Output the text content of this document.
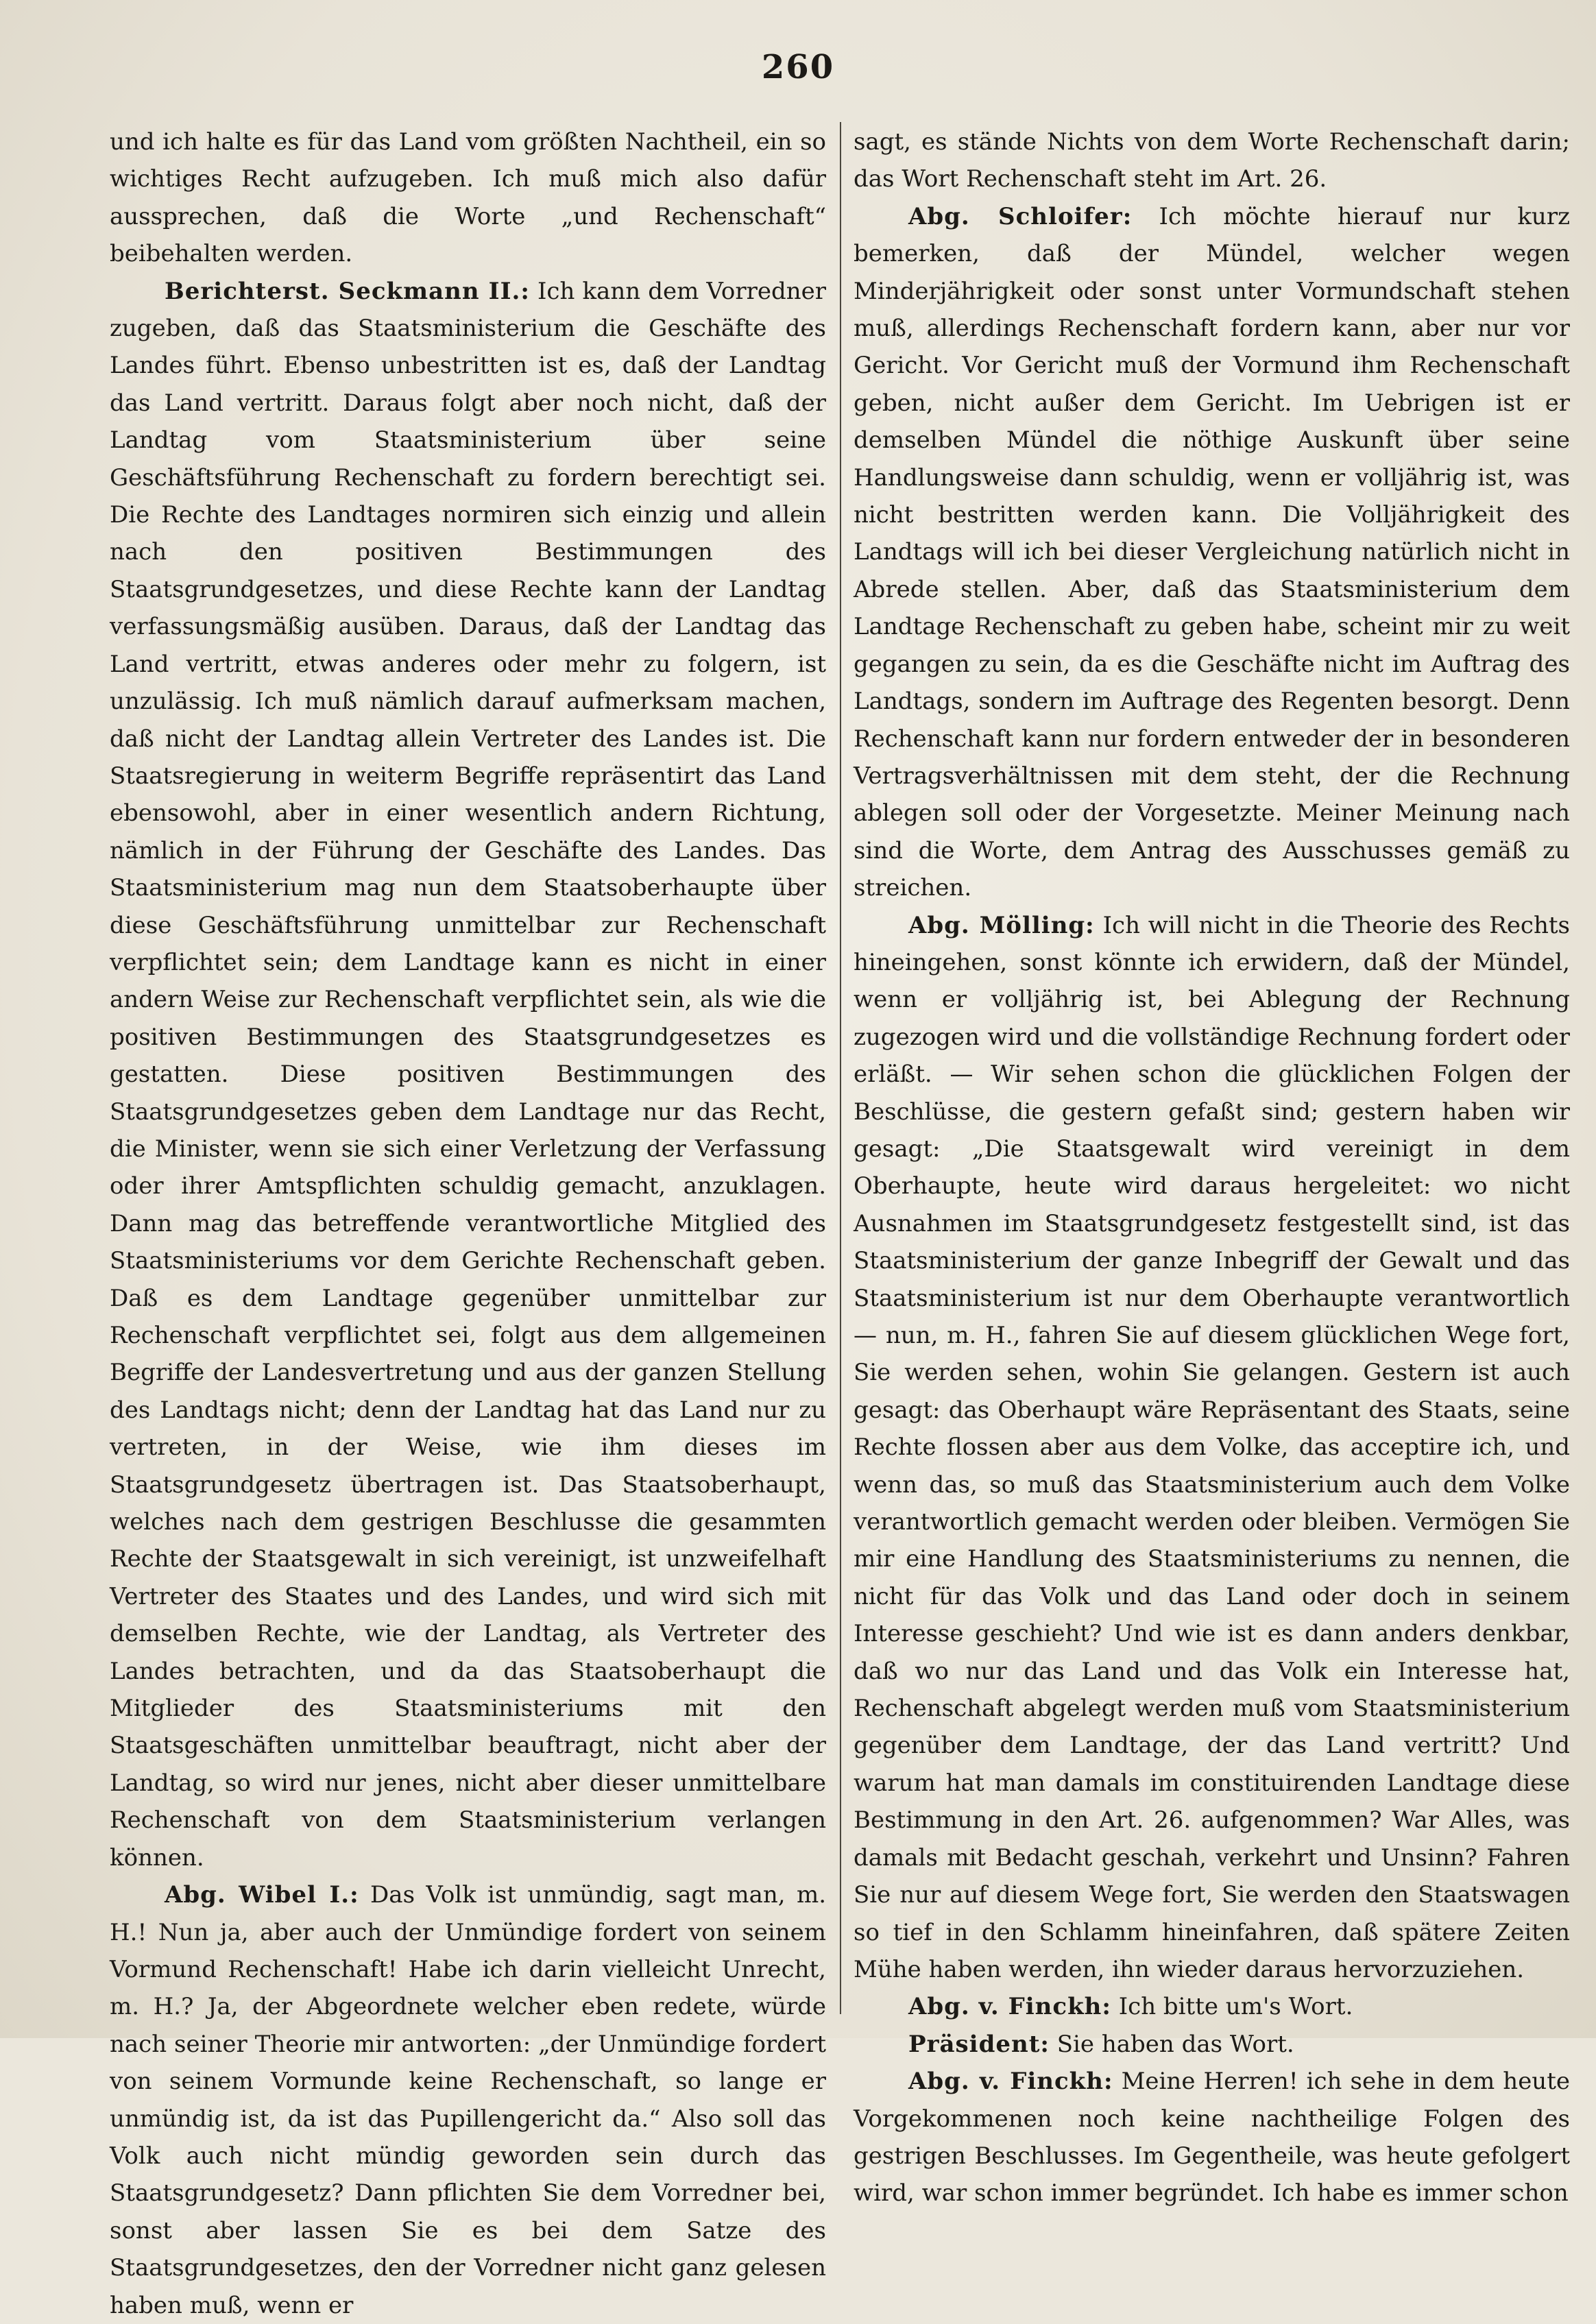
260

und ich halte es für das Land vom größten Nachtheil, ein so wichtiges Recht aufzugeben. Ich muß mich also dafür aussprechen, daß die Worte „und Rechenschaft“ beibehalten werden.

Berichterst. Seckmann II.: Ich kann dem Vorredner zugeben, daß das Staatsministerium die Geschäfte des Landes führt. Ebenso unbestritten ist es, daß der Landtag das Land vertritt. Daraus folgt aber noch nicht, daß der Landtag vom Staatsministerium über seine Geschäftsführung Rechenschaft zu fordern berechtigt sei. Die Rechte des Landtages normiren sich einzig und allein nach den positiven Bestimmungen des Staatsgrundgesetzes, und diese Rechte kann der Landtag verfassungsmäßig ausüben. Daraus, daß der Landtag das Land vertritt, etwas anderes oder mehr zu folgern, ist unzulässig. Ich muß nämlich darauf aufmerksam machen, daß nicht der Landtag allein Vertreter des Landes ist. Die Staatsregierung in weiterm Begriffe repräsentirt das Land ebensowohl, aber in einer wesentlich andern Richtung, nämlich in der Führung der Geschäfte des Landes. Das Staatsministerium mag nun dem Staatsoberhaupte über diese Geschäftsführung unmittelbar zur Rechenschaft verpflichtet sein; dem Landtage kann es nicht in einer andern Weise zur Rechenschaft verpflichtet sein, als wie die positiven Bestimmungen des Staatsgrundgesetzes es gestatten. Diese positiven Bestimmungen des Staatsgrundgesetzes geben dem Landtage nur das Recht, die Minister, wenn sie sich einer Verletzung der Verfassung oder ihrer Amtspflichten schuldig gemacht, anzuklagen. Dann mag das betreffende verantwortliche Mitglied des Staatsministeriums vor dem Gerichte Rechenschaft geben. Daß es dem Landtage gegenüber unmittelbar zur Rechenschaft verpflichtet sei, folgt aus dem allgemeinen Begriffe der Landesvertretung und aus der ganzen Stellung des Landtags nicht; denn der Landtag hat das Land nur zu vertreten, in der Weise, wie ihm dieses im Staatsgrundgesetz übertragen ist. Das Staatsoberhaupt, welches nach dem gestrigen Beschlusse die gesammten Rechte der Staatsgewalt in sich vereinigt, ist unzweifelhaft Vertreter des Staates und des Landes, und wird sich mit demselben Rechte, wie der Landtag, als Vertreter des Landes betrachten, und da das Staatsoberhaupt die Mitglieder des Staatsministeriums mit den Staatsgeschäften unmittelbar beauftragt, nicht aber der Landtag, so wird nur jenes, nicht aber dieser unmittelbare Rechenschaft von dem Staatsministerium verlangen können.

Abg. Wibel I.: Das Volk ist unmündig, sagt man, m. H.! Nun ja, aber auch der Unmündige fordert von seinem Vormund Rechenschaft! Habe ich darin vielleicht Unrecht, m. H.? Ja, der Abgeordnete welcher eben redete, würde nach seiner Theorie mir antworten: „der Unmündige fordert von seinem Vormunde keine Rechenschaft, so lange er unmündig ist, da ist das Pupillengericht da.“ Also soll das Volk auch nicht mündig geworden sein durch das Staatsgrundgesetz? Dann pflichten Sie dem Vorredner bei, sonst aber lassen Sie es bei dem Satze des Staatsgrundgesetzes, den der Vorredner nicht ganz gelesen haben muß, wenn er

sagt, es stände Nichts von dem Worte Rechenschaft darin; das Wort Rechenschaft steht im Art. 26.

Abg. Schloifer: Ich möchte hierauf nur kurz bemerken, daß der Mündel, welcher wegen Minderjährigkeit oder sonst unter Vormundschaft stehen muß, allerdings Rechenschaft fordern kann, aber nur vor Gericht. Vor Gericht muß der Vormund ihm Rechenschaft geben, nicht außer dem Gericht. Im Uebrigen ist er demselben Mündel die nöthige Auskunft über seine Handlungsweise dann schuldig, wenn er volljährig ist, was nicht bestritten werden kann. Die Volljährigkeit des Landtags will ich bei dieser Vergleichung natürlich nicht in Abrede stellen. Aber, daß das Staatsministerium dem Landtage Rechenschaft zu geben habe, scheint mir zu weit gegangen zu sein, da es die Geschäfte nicht im Auftrag des Landtags, sondern im Auftrage des Regenten besorgt. Denn Rechenschaft kann nur fordern entweder der in besonderen Vertragsverhältnissen mit dem steht, der die Rechnung ablegen soll oder der Vorgesetzte. Meiner Meinung nach sind die Worte, dem Antrag des Ausschusses gemäß zu streichen.

Abg. Mölling: Ich will nicht in die Theorie des Rechts hineingehen, sonst könnte ich erwidern, daß der Mündel, wenn er volljährig ist, bei Ablegung der Rechnung zugezogen wird und die vollständige Rechnung fordert oder erläßt. — Wir sehen schon die glücklichen Folgen der Beschlüsse, die gestern gefaßt sind; gestern haben wir gesagt: „Die Staatsgewalt wird vereinigt in dem Oberhaupte, heute wird daraus hergeleitet: wo nicht Ausnahmen im Staatsgrundgesetz festgestellt sind, ist das Staatsministerium der ganze Inbegriff der Gewalt und das Staatsministerium ist nur dem Oberhaupte verantwortlich — nun, m. H., fahren Sie auf diesem glücklichen Wege fort, Sie werden sehen, wohin Sie gelangen. Gestern ist auch gesagt: das Oberhaupt wäre Repräsentant des Staats, seine Rechte flossen aber aus dem Volke, das acceptire ich, und wenn das, so muß das Staatsministerium auch dem Volke verantwortlich gemacht werden oder bleiben. Vermögen Sie mir eine Handlung des Staatsministeriums zu nennen, die nicht für das Volk und das Land oder doch in seinem Interesse geschieht? Und wie ist es dann anders denkbar, daß wo nur das Land und das Volk ein Interesse hat, Rechenschaft abgelegt werden muß vom Staatsministerium gegenüber dem Landtage, der das Land vertritt? Und warum hat man damals im constituirenden Landtage diese Bestimmung in den Art. 26. aufgenommen? War Alles, was damals mit Bedacht geschah, verkehrt und Unsinn? Fahren Sie nur auf diesem Wege fort, Sie werden den Staatswagen so tief in den Schlamm hineinfahren, daß spätere Zeiten Mühe haben werden, ihn wieder daraus hervorzuziehen.

Abg. v. Finckh: Ich bitte um's Wort.

Präsident: Sie haben das Wort.

Abg. v. Finckh: Meine Herren! ich sehe in dem heute Vorgekommenen noch keine nachtheilige Folgen des gestrigen Beschlusses. Im Gegentheile, was heute gefolgert wird, war schon immer begründet. Ich habe es immer schon
